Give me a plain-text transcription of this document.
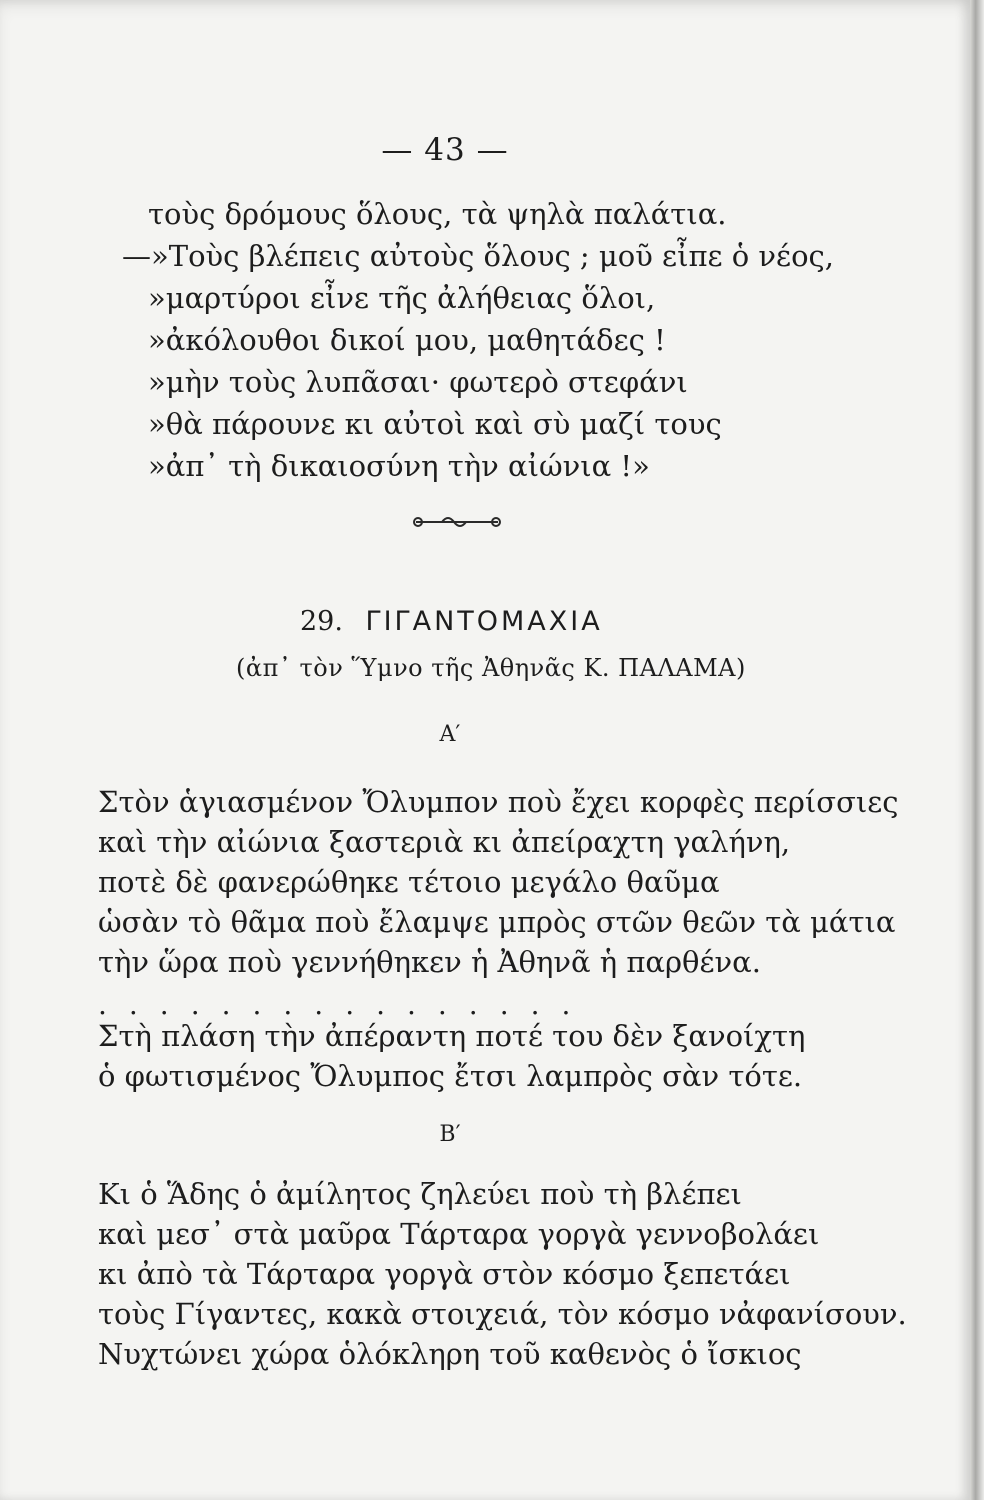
— 43 —
τοὺς δρόμους ὅλους, τὰ ψηλὰ παλάτια.
—»Τοὺς βλέπεις αὐτοὺς ὅλους ; μοῦ εἶπε ὁ νέος,
»μαρτύροι εἶνε τῆς ἀλήθειας ὅλοι,
»ἀκόλουθοι δικοί μου, μαθητάδες !
»μὴν τοὺς λυπᾶσαι· φωτερὸ στεφάνι
»θὰ πάρουνε κι αὐτοὶ καὶ σὺ μαζί τους
»ἀπ᾽ τὴ δικαιοσύνη τὴν αἰώνια !»
29. ΓΙΓΑΝΤΟΜΑΧΙΑ
(ἀπ᾽ τὸν Ὕμνο τῆς Ἀθηνᾶς Κ. ΠΑΛΑΜΑ)
Α′
Στὸν ἁγιασμένον Ὄλυμπον ποὺ ἔχει κορφὲς περίσσιες
καὶ τὴν αἰώνια ξαστεριὰ κι ἀπείραχτη γαλήνη,
ποτὲ δὲ φανερώθηκε τέτοιο μεγάλο θαῦμα
ὡσὰν τὸ θᾶμα ποὺ ἔλαμψε μπρὸς στῶν θεῶν τὰ μάτια
τὴν ὥρα ποὺ γεννήθηκεν ἡ Ἀθηνᾶ ἡ παρθένα.
................
Στὴ πλάση τὴν ἀπέραντη ποτέ του δὲν ξανοίχτη
ὁ φωτισμένος Ὄλυμπος ἔτσι λαμπρὸς σὰν τότε.
Β′
Κι ὁ Ἅδης ὁ ἀμίλητος ζηλεύει ποὺ τὴ βλέπει
καὶ μεσ᾽ στὰ μαῦρα Τάρταρα γοργὰ γεννοβολάει
κι ἀπὸ τὰ Τάρταρα γοργὰ στὸν κόσμο ξεπετάει
τοὺς Γίγαντες, κακὰ στοιχειά, τὸν κόσμο νἀφανίσουν.
Νυχτώνει χώρα ὁλόκληρη τοῦ καθενὸς ὁ ἴσκιος
